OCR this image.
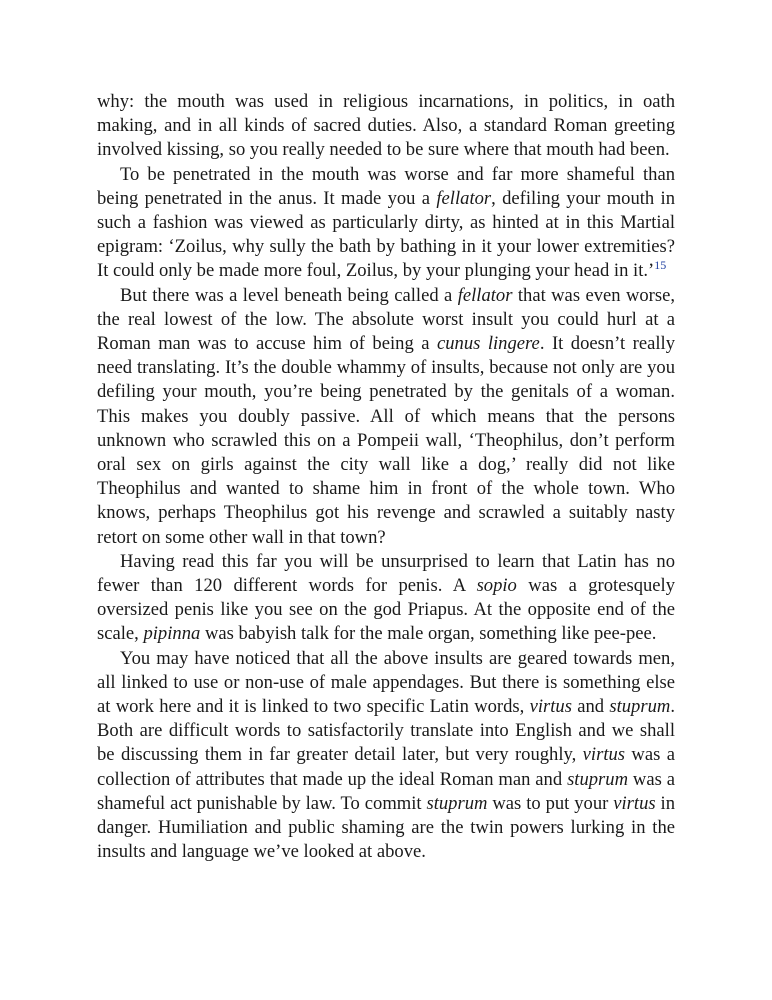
why: the mouth was used in religious incarnations, in politics, in oath making, and in all kinds of sacred duties. Also, a standard Roman greeting involved kissing, so you really needed to be sure where that mouth had been.

To be penetrated in the mouth was worse and far more shameful than being penetrated in the anus. It made you a fellator, defiling your mouth in such a fashion was viewed as particularly dirty, as hinted at in this Martial epigram: ‘Zoilus, why sully the bath by bathing in it your lower extremities? It could only be made more foul, Zoilus, by your plunging your head in it.’$^{15}$

But there was a level beneath being called a fellator that was even worse, the real lowest of the low. The absolute worst insult you could hurl at a Roman man was to accuse him of being a cunus lingere. It doesn’t really need translating. It’s the double whammy of insults, because not only are you defiling your mouth, you’re being penetrated by the genitals of a woman. This makes you doubly passive. All of which means that the persons unknown who scrawled this on a Pompeii wall, ‘Theophilus, don’t perform oral sex on girls against the city wall like a dog,’ really did not like Theophilus and wanted to shame him in front of the whole town. Who knows, perhaps Theophilus got his revenge and scrawled a suitably nasty retort on some other wall in that town?

Having read this far you will be unsurprised to learn that Latin has no fewer than 120 different words for penis. A sopio was a grotesquely oversized penis like you see on the god Priapus. At the opposite end of the scale, pipinna was babyish talk for the male organ, something like pee-pee.

You may have noticed that all the above insults are geared towards men, all linked to use or non-use of male appendages. But there is something else at work here and it is linked to two specific Latin words, virtus and stuprum. Both are difficult words to satisfactorily translate into English and we shall be discussing them in far greater detail later, but very roughly, virtus was a collection of attributes that made up the ideal Roman man and stuprum was a shameful act punishable by law. To commit stuprum was to put your virtus in danger. Humiliation and public shaming are the twin powers lurking in the insults and language we’ve looked at above.
